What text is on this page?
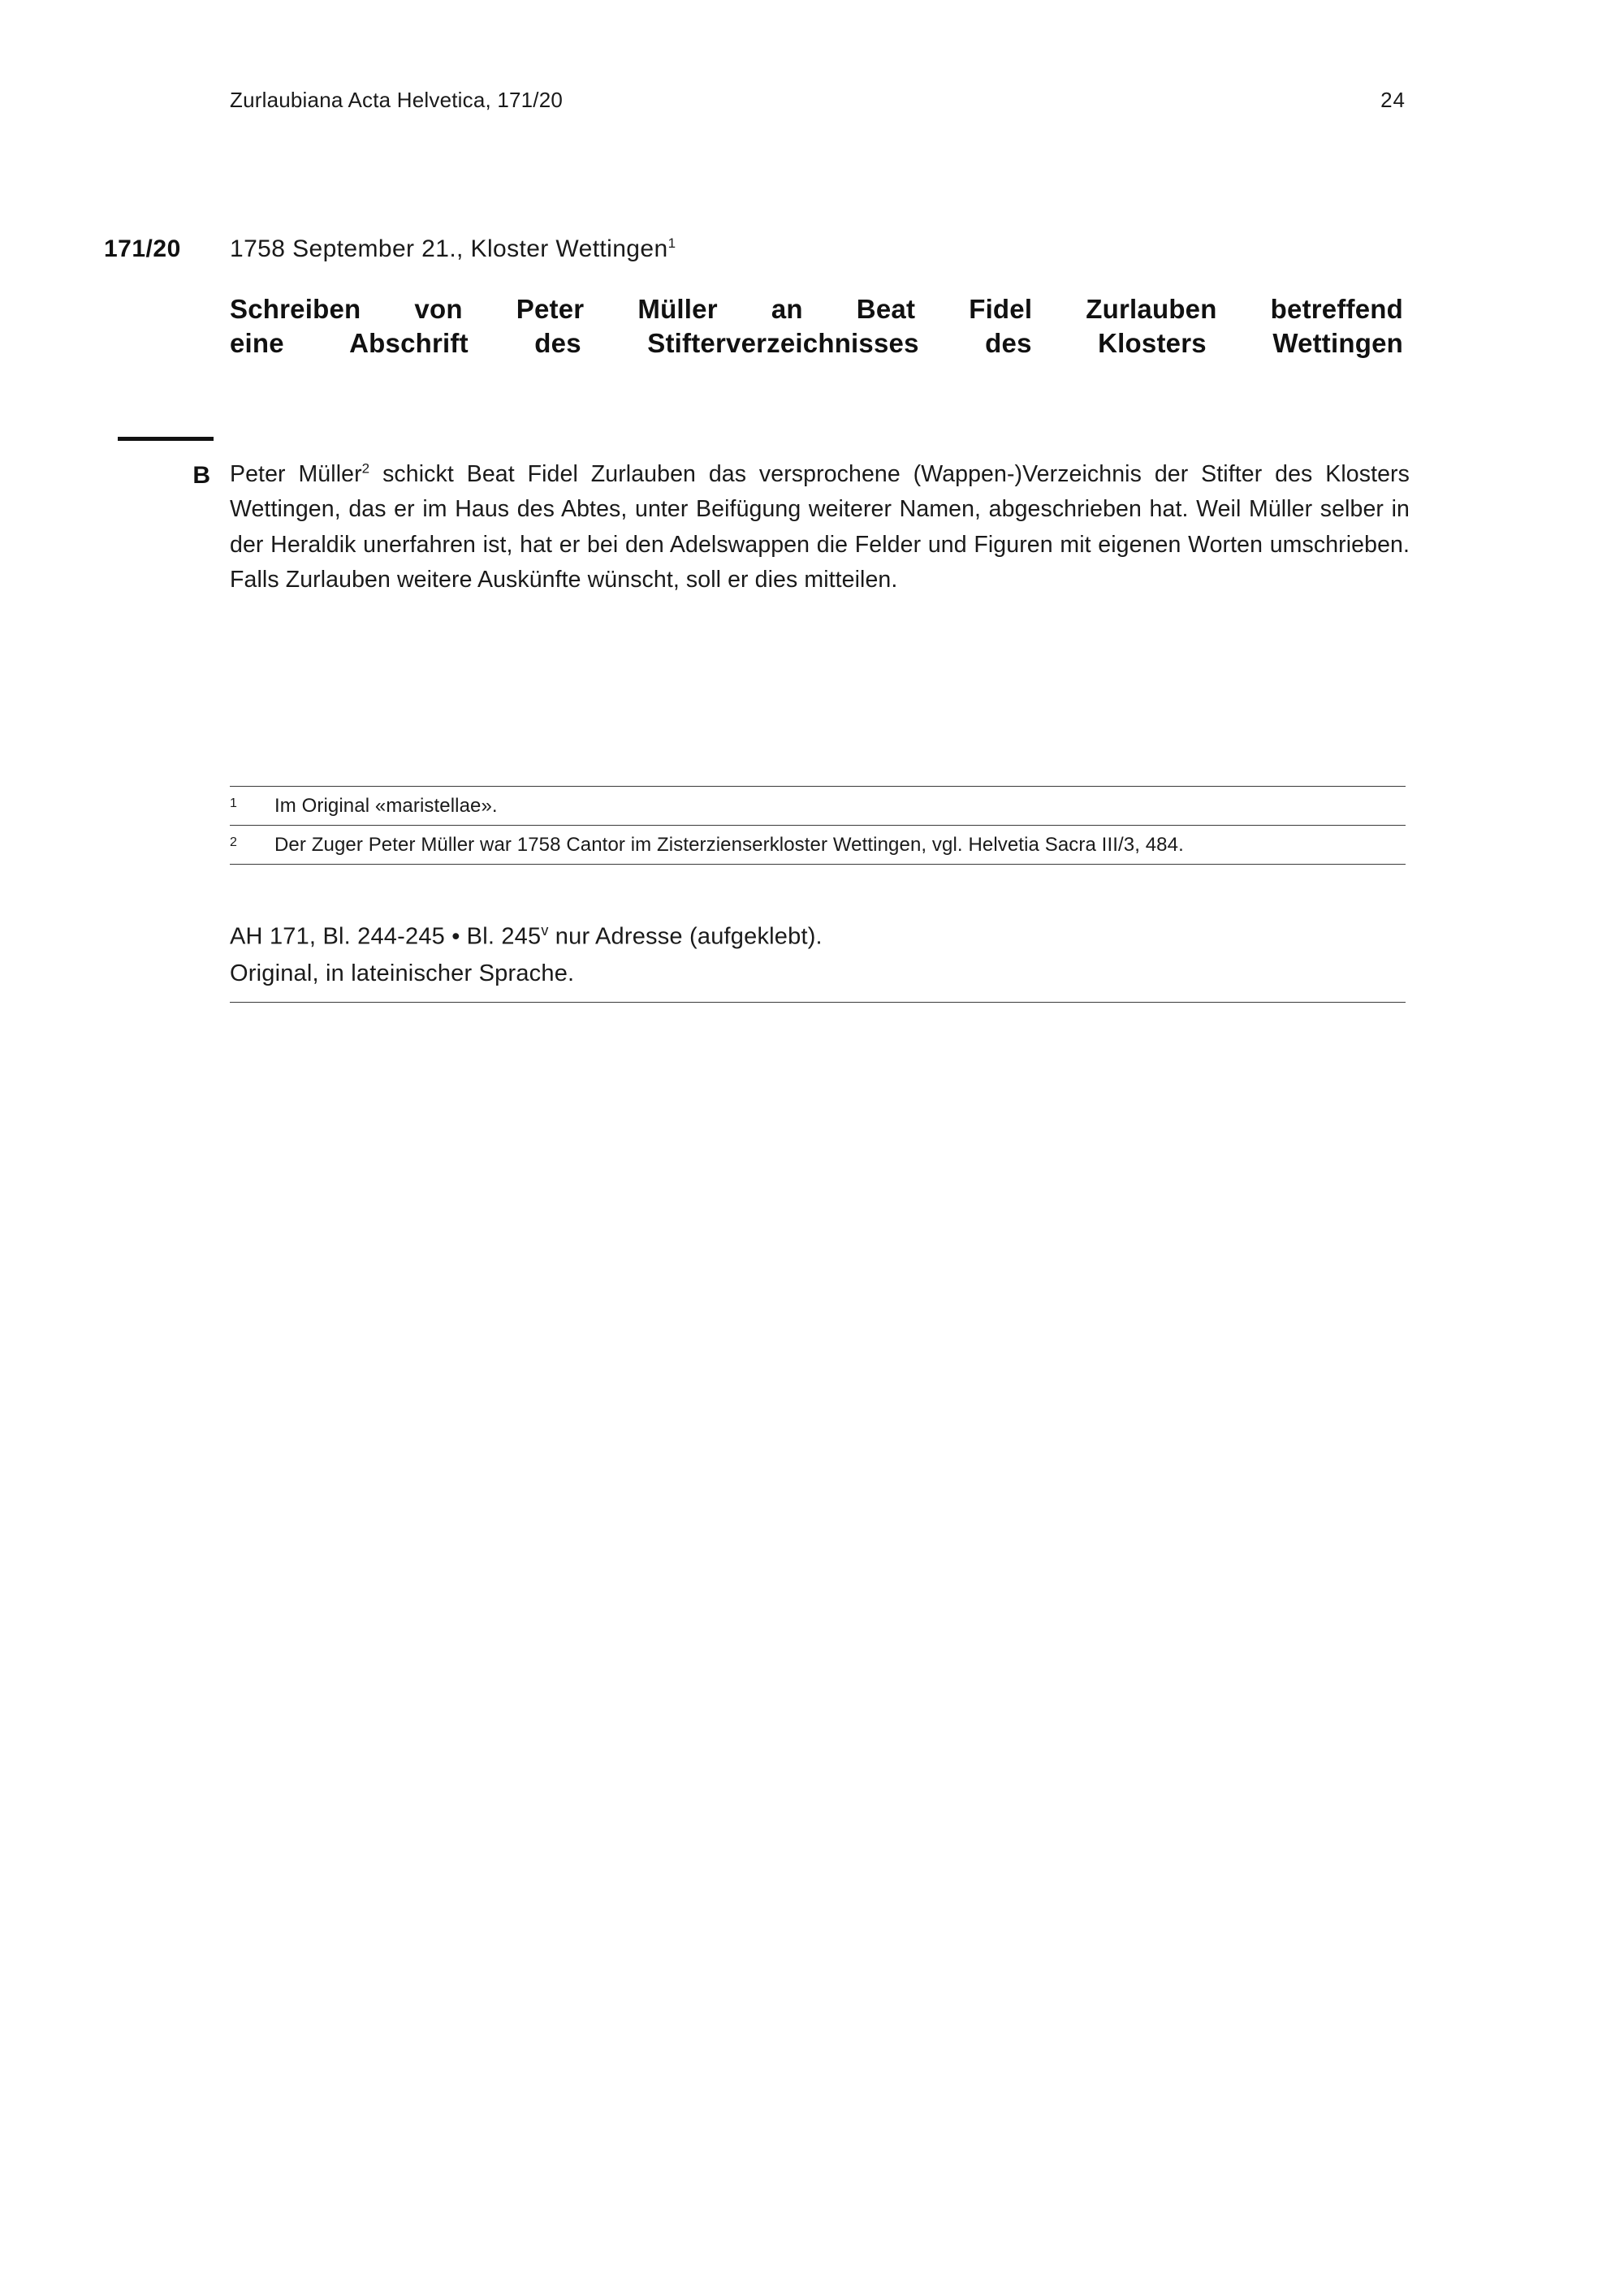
Zurlaubiana Acta Helvetica, 171/20	24
171/20	1758 September 21., Kloster Wettingen$^1$
Schreiben von Peter Müller an Beat Fidel Zurlauben betreffend
eine Abschrift des Stifterverzeichnisses des Klosters Wettingen
B Peter Müller$^2$ schickt Beat Fidel Zurlauben das versprochene (Wappen-)Verzeichnis der Stifter des Klosters Wettingen, das er im Haus des Abtes, unter Beifügung weiterer Namen, abgeschrieben hat. Weil Müller selber in der Heraldik unerfahren ist, hat er bei den Adelswappen die Felder und Figuren mit eigenen Worten umschrieben. Falls Zurlauben weitere Auskünfte wünscht, soll er dies mitteilen.
1	Im Original «maristellae».
2	Der Zuger Peter Müller war 1758 Cantor im Zisterzienserkloster Wettingen, vgl. Helvetia Sacra III/3, 484.
AH 171, Bl. 244-245 • Bl. 245$^v$ nur Adresse (aufgeklebt).
Original, in lateinischer Sprache.
